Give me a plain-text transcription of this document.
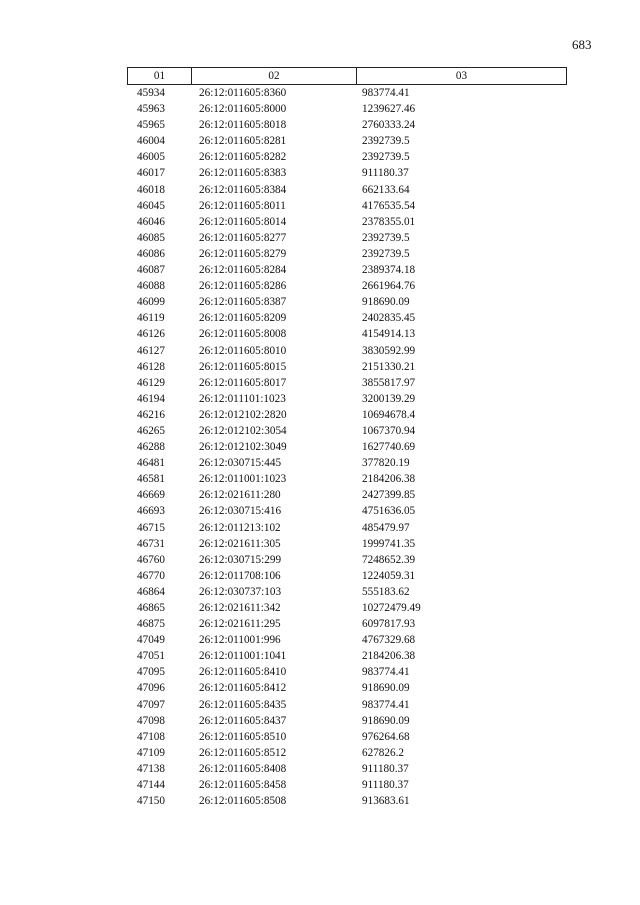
683
01	02	03
45934	26:12:011605:8360	983774.41
45963	26:12:011605:8000	1239627.46
45965	26:12:011605:8018	2760333.24
46004	26:12:011605:8281	2392739.5
46005	26:12:011605:8282	2392739.5
46017	26:12:011605:8383	911180.37
46018	26:12:011605:8384	662133.64
46045	26:12:011605:8011	4176535.54
46046	26:12:011605:8014	2378355.01
46085	26:12:011605:8277	2392739.5
46086	26:12:011605:8279	2392739.5
46087	26:12:011605:8284	2389374.18
46088	26:12:011605:8286	2661964.76
46099	26:12:011605:8387	918690.09
46119	26:12:011605:8209	2402835.45
46126	26:12:011605:8008	4154914.13
46127	26:12:011605:8010	3830592.99
46128	26:12:011605:8015	2151330.21
46129	26:12:011605:8017	3855817.97
46194	26:12:011101:1023	3200139.29
46216	26:12:012102:2820	10694678.4
46265	26:12:012102:3054	1067370.94
46288	26:12:012102:3049	1627740.69
46481	26:12:030715:445	377820.19
46581	26:12:011001:1023	2184206.38
46669	26:12:021611:280	2427399.85
46693	26:12:030715:416	4751636.05
46715	26:12:011213:102	485479.97
46731	26:12:021611:305	1999741.35
46760	26:12:030715:299	7248652.39
46770	26:12:011708:106	1224059.31
46864	26:12:030737:103	555183.62
46865	26:12:021611:342	10272479.49
46875	26:12:021611:295	6097817.93
47049	26:12:011001:996	4767329.68
47051	26:12:011001:1041	2184206.38
47095	26:12:011605:8410	983774.41
47096	26:12:011605:8412	918690.09
47097	26:12:011605:8435	983774.41
47098	26:12:011605:8437	918690.09
47108	26:12:011605:8510	976264.68
47109	26:12:011605:8512	627826.2
47138	26:12:011605:8408	911180.37
47144	26:12:011605:8458	911180.37
47150	26:12:011605:8508	913683.61
